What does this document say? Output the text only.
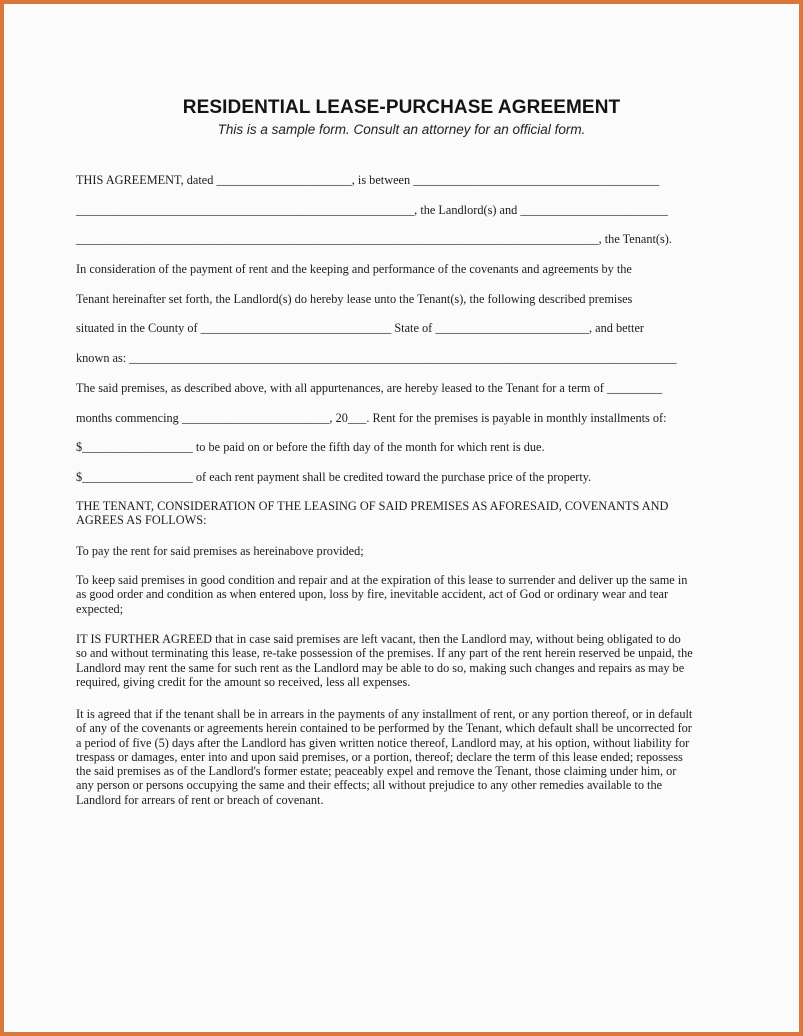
RESIDENTIAL LEASE-PURCHASE AGREEMENT
This is a sample form. Consult an attorney for an official form.
THIS AGREEMENT, dated ______________________, is between ________________________________________
_______________________________________________________, the Landlord(s) and ________________________
_____________________________________________________________________________________, the Tenant(s).
In consideration of the payment of rent and the keeping and performance of the covenants and agreements by the
Tenant hereinafter set forth, the Landlord(s) do hereby lease unto the Tenant(s), the following described premises
situated in the County of _______________________________ State of _________________________, and better
known as: _________________________________________________________________________________________
The said premises, as described above, with all appurtenances, are hereby leased to the Tenant for a term of _________
months commencing ________________________, 20___. Rent for the premises is payable in monthly installments of:
$__________________ to be paid on or before the fifth day of the month for which rent is due.
$__________________ of each rent payment shall be credited toward the purchase price of the property.
THE TENANT, CONSIDERATION OF THE LEASING OF SAID PREMISES AS AFORESAID, COVENANTS AND
AGREES AS FOLLOWS:
To pay the rent for said premises as hereinabove provided;
To keep said premises in good condition and repair and at the expiration of this lease to surrender and deliver up the same in
as good order and condition as when entered upon, loss by fire, inevitable accident, act of God or ordinary wear and tear
expected;
IT IS FURTHER AGREED that in case said premises are left vacant, then the Landlord may, without being obligated to do
so and without terminating this lease, re-take possession of the premises. If any part of the rent herein reserved be unpaid, the
Landlord may rent the same for such rent as the Landlord may be able to do so, making such changes and repairs as may be
required, giving credit for the amount so received, less all expenses.
It is agreed that if the tenant shall be in arrears in the payments of any installment of rent, or any portion thereof, or in default
of any of the covenants or agreements herein contained to be performed by the Tenant, which default shall be uncorrected for
a period of five (5) days after the Landlord has given written notice thereof, Landlord may, at his option, without liability for
trespass or damages, enter into and upon said premises, or a portion, thereof; declare the term of this lease ended; repossess
the said premises as of the Landlord's former estate; peaceably expel and remove the Tenant, those claiming under him, or
any person or persons occupying the same and their effects; all without prejudice to any other remedies available to the
Landlord for arrears of rent or breach of covenant.
